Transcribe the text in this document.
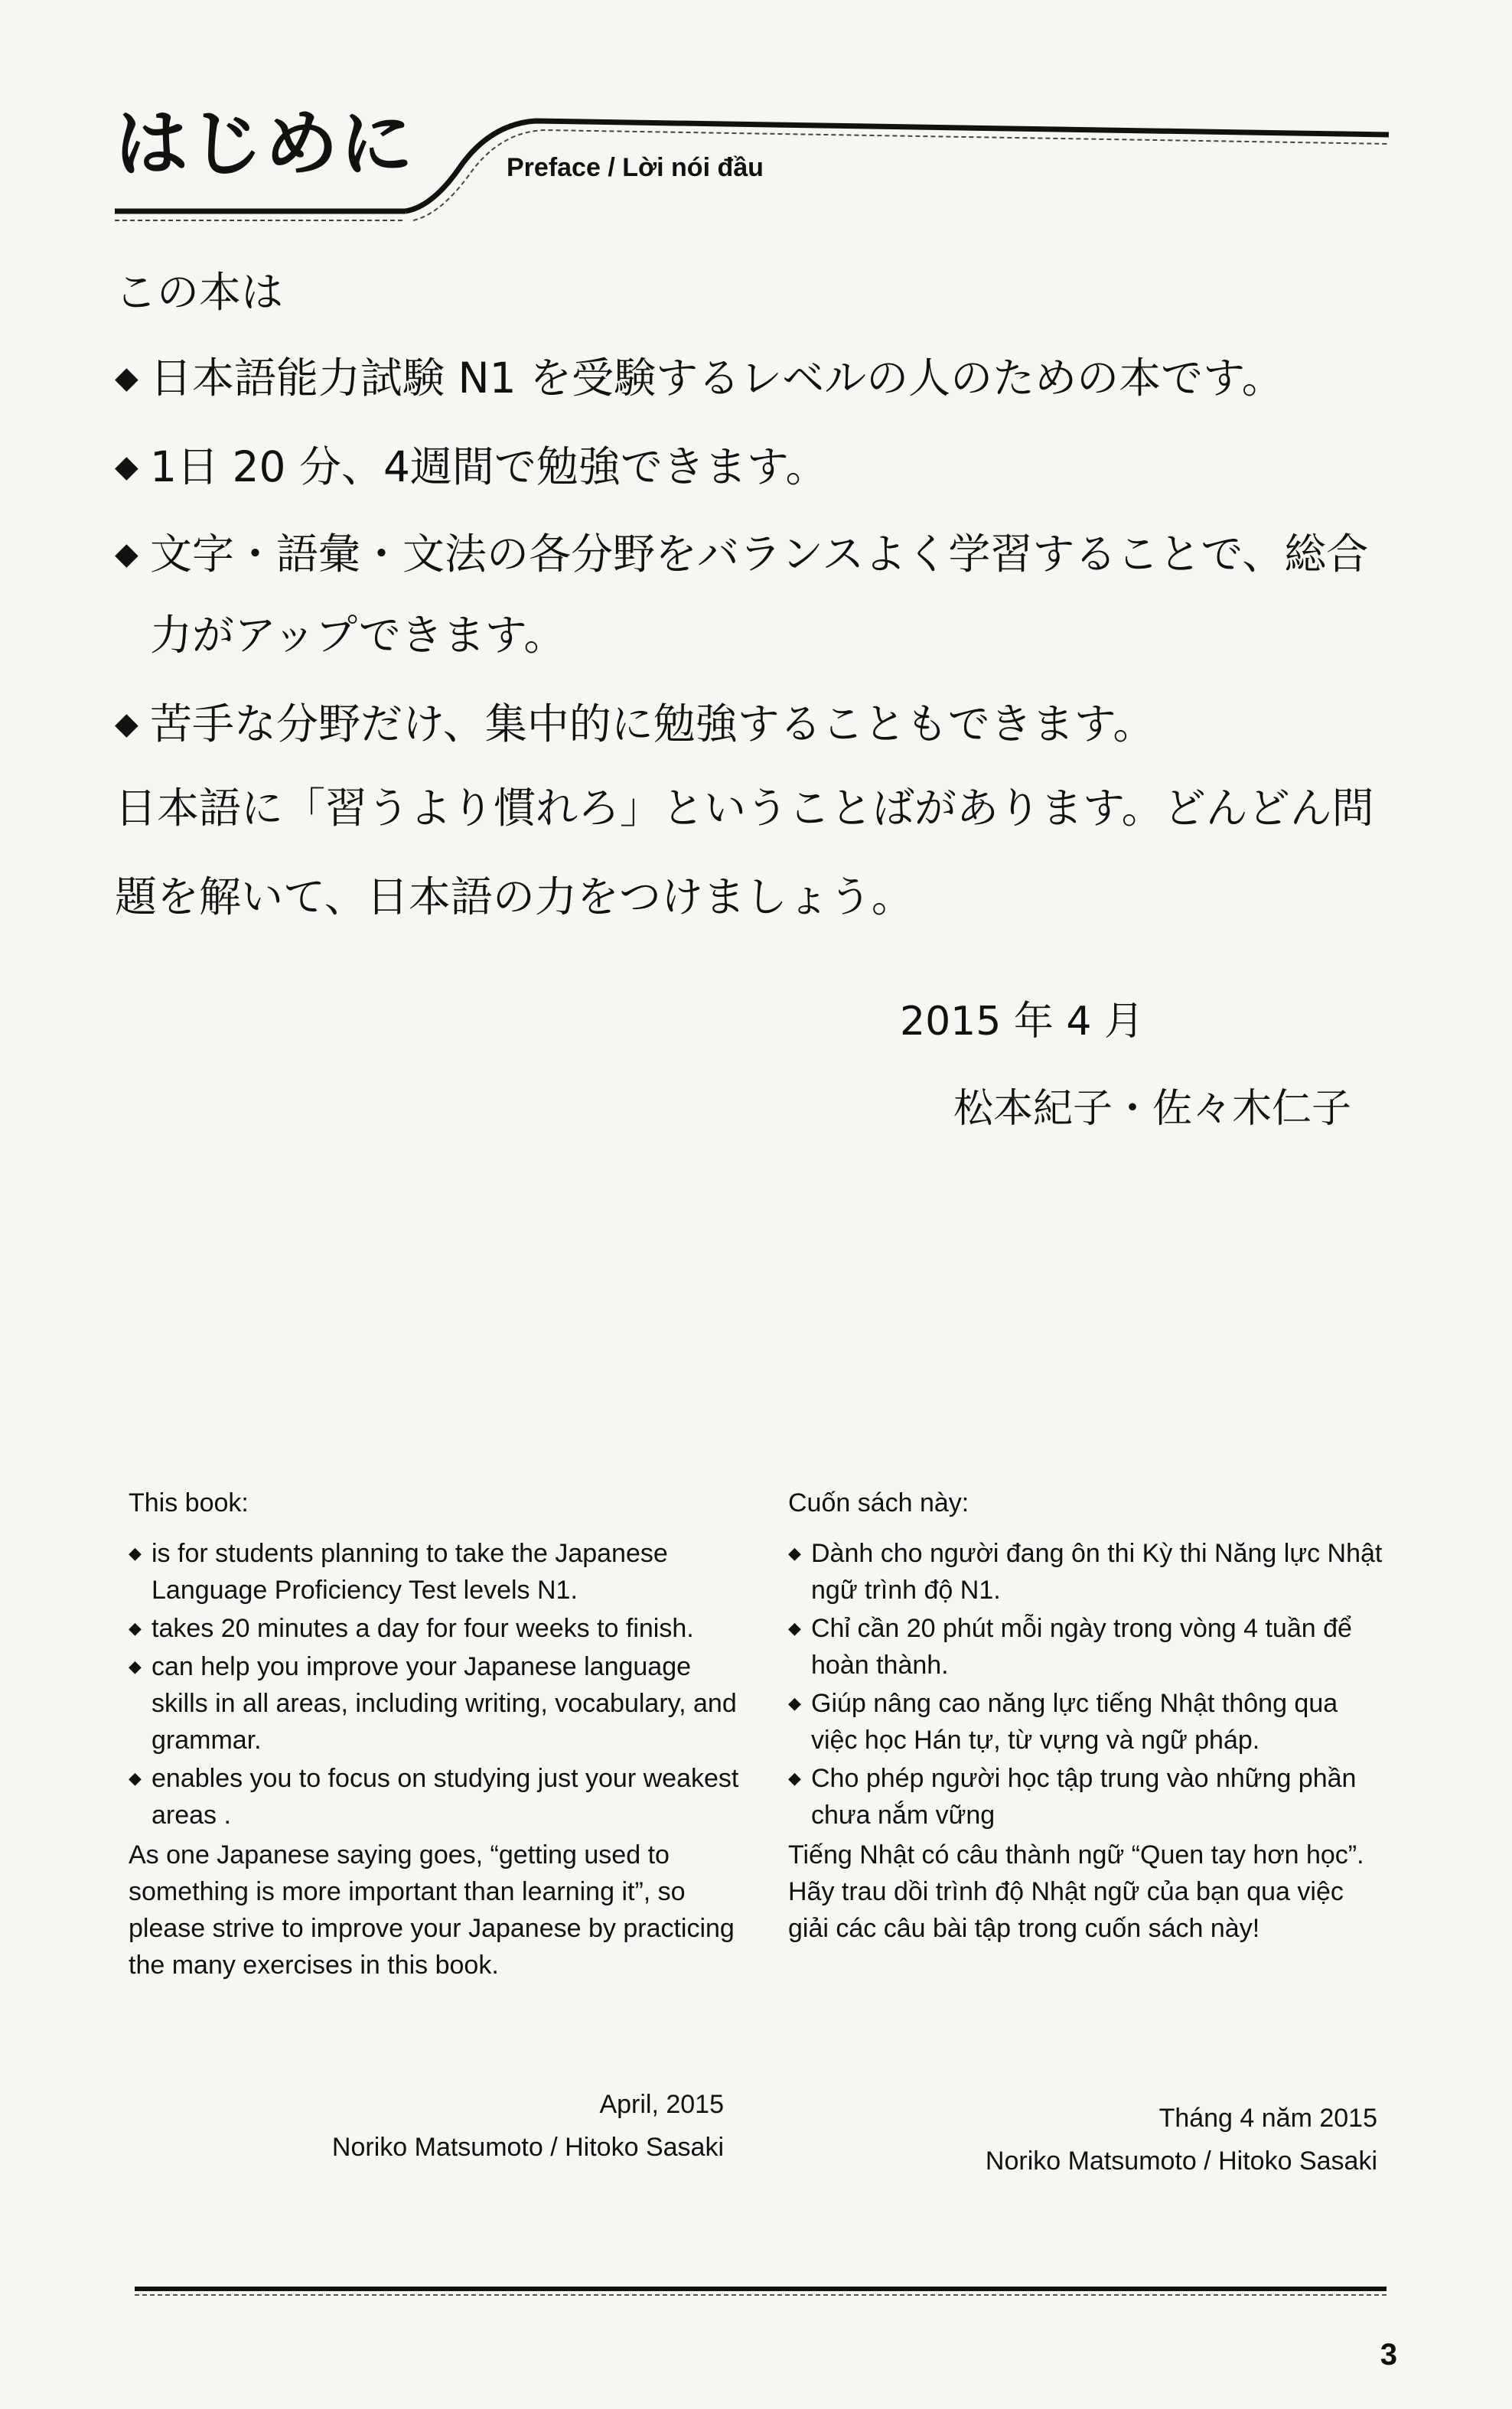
はじめに	Preface / Lời nói đầu
この本は
◆ 日本語能力試験 N1 を受験するレベルの人のための本です。
◆ 1日 20 分、4週間で勉強できます。
◆ 文字・語彙・文法の各分野をバランスよく学習することで、総合
力がアップできます。
◆ 苦手な分野だけ、集中的に勉強することもできます。
日本語に「習うより慣れろ」ということばがあります。どんどん問
題を解いて、日本語の力をつけましょう。
2015 年 4 月
松本紀子・佐々木仁子
This book:
◆ is for students planning to take the Japanese Language Proficiency Test levels N1.
◆ takes 20 minutes a day for four weeks to finish.
◆ can help you improve your Japanese language skills in all areas, including writing, vocabulary, and grammar.
◆ enables you to focus on studying just your weakest areas .
As one Japanese saying goes, “getting used to something is more important than learning it”, so please strive to improve your Japanese by practicing the many exercises in this book.
April, 2015
Noriko Matsumoto / Hitoko Sasaki
Cuốn sách này:
◆ Dành cho người đang ôn thi Kỳ thi Năng lực Nhật ngữ trình độ N1.
◆ Chỉ cần 20 phút mỗi ngày trong vòng 4 tuần để hoàn thành.
◆ Giúp nâng cao năng lực tiếng Nhật thông qua việc học Hán tự, từ vựng và ngữ pháp.
◆ Cho phép người học tập trung vào những phần chưa nắm vững
Tiếng Nhật có câu thành ngữ “Quen tay hơn học”. Hãy trau dồi trình độ Nhật ngữ của bạn qua việc giải các câu bài tập trong cuốn sách này!
Tháng 4 năm 2015
Noriko Matsumoto / Hitoko Sasaki
3
